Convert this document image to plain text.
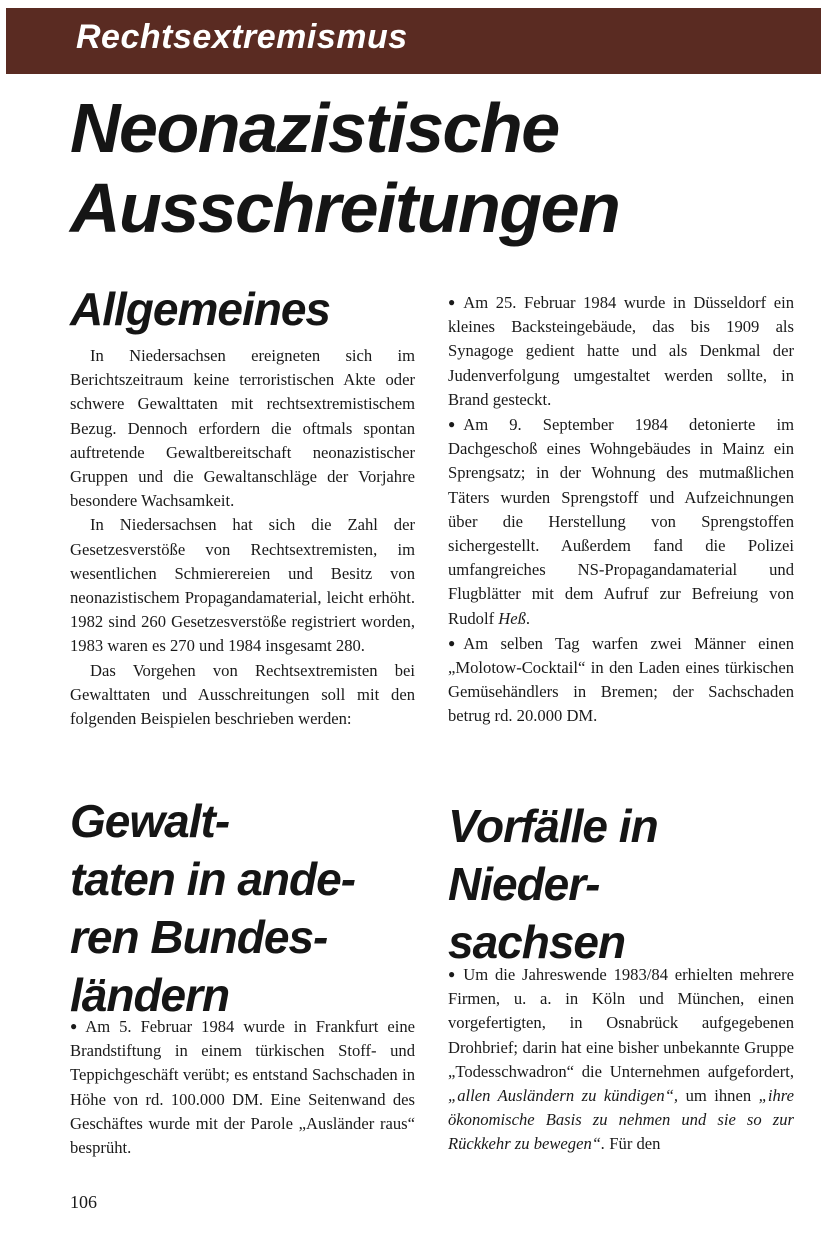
Rechtsextremismus
Neonazistische
Ausschreitungen
Allgemeines

In Niedersachsen ereigneten sich im Berichtszeitraum keine terroristischen Akte oder schwere Gewalttaten mit rechtsextremistischem Bezug. Dennoch erfordern die oftmals spontan auftretende Gewaltbereitschaft neonazistischer Gruppen und die Gewaltanschläge der Vorjahre besondere Wachsamkeit.

In Niedersachsen hat sich die Zahl der Gesetzesverstöße von Rechtsextremisten, im wesentlichen Schmierereien und Besitz von neonazistischem Propagandamaterial, leicht erhöht. 1982 sind 260 Gesetzesverstöße registriert worden, 1983 waren es 270 und 1984 insgesamt 280.

Das Vorgehen von Rechtsextremisten bei Gewalttaten und Ausschreitungen soll mit den folgenden Beispielen beschrieben werden:

● Am 25. Februar 1984 wurde in Düsseldorf ein kleines Backsteingebäude, das bis 1909 als Synagoge gedient hatte und als Denkmal der Judenverfolgung umgestaltet werden sollte, in Brand gesteckt.

● Am 9. September 1984 detonierte im Dachgeschoß eines Wohngebäudes in Mainz ein Sprengsatz; in der Wohnung des mutmaßlichen Täters wurden Sprengstoff und Aufzeichnungen über die Herstellung von Sprengstoffen sichergestellt. Außerdem fand die Polizei umfangreiches NS-Propagandamaterial und Flugblätter mit dem Aufruf zur Befreiung von Rudolf Heß.

● Am selben Tag warfen zwei Männer einen „Molotow-Cocktail“ in den Laden eines türkischen Gemüsehändlers in Bremen; der Sachschaden betrug rd. 20.000 DM.

Gewalt-
taten in ande-
ren Bundes-
ländern

● Am 5. Februar 1984 wurde in Frankfurt eine Brandstiftung in einem türkischen Stoff- und Teppichgeschäft verübt; es entstand Sachschaden in Höhe von rd. 100.000 DM. Eine Seitenwand des Geschäftes wurde mit der Parole „Ausländer raus“ besprüht.

Vorfälle in
Nieder-
sachsen

● Um die Jahreswende 1983/84 erhielten mehrere Firmen, u. a. in Köln und München, einen vorgefertigten, in Osnabrück aufgegebenen Drohbrief; darin hat eine bisher unbekannte Gruppe „Todesschwadron“ die Unternehmen aufgefordert, „allen Ausländern zu kündigen“, um ihnen „ihre ökonomische Basis zu nehmen und sie so zur Rückkehr zu bewegen“. Für den

106
